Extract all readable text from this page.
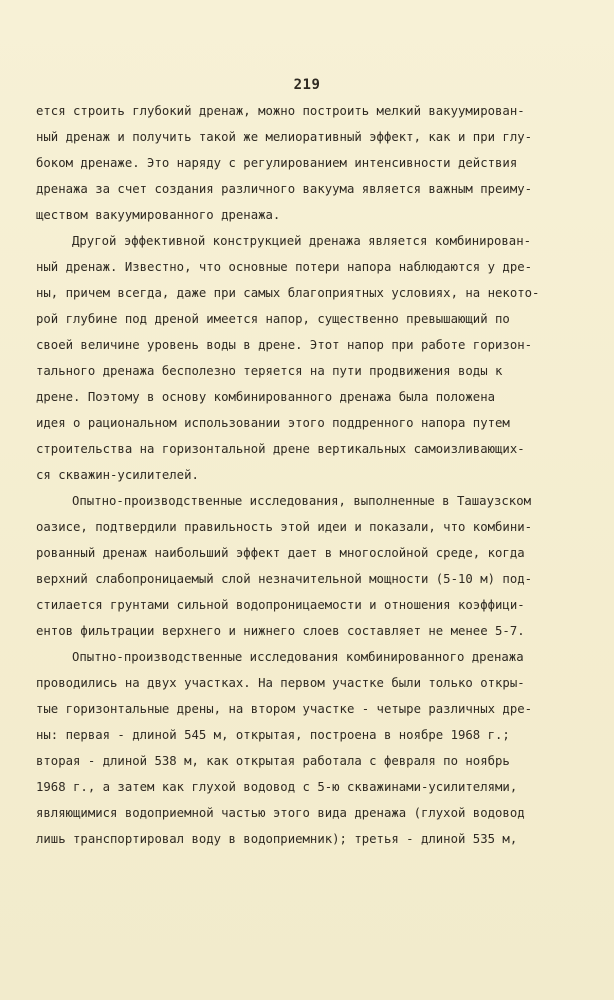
219
ется строить глубокий дренаж, можно построить мелкий вакуумирован-
ный дренаж и получить такой же мелиоративный эффект, как и при глу-
боком дренаже. Это наряду с регулированием интенсивности действия
дренажа за счет создания различного вакуума является важным преиму-
ществом вакуумированного дренажа.
Другой эффективной конструкцией дренажа является комбинирован-
ный дренаж. Известно, что основные потери напора наблюдаются у дре-
ны, причем всегда, даже при самых благоприятных условиях, на некото-
рой глубине под дреной имеется напор, существенно превышающий по
своей величине уровень воды в дрене. Этот напор при работе горизон-
тального дренажа бесполезно теряется на пути продвижения воды к
дрене. Поэтому в основу комбинированного дренажа была положена
идея о рациональном использовании этого поддренного напора путем
строительства на горизонтальной дрене вертикальных самоизливающих-
ся скважин-усилителей.
Опытно-производственные исследования, выполненные в Ташаузском
оазисе, подтвердили правильность этой идеи и показали, что комбини-
рованный дренаж наибольший эффект дает в многослойной среде, когда
верхний слабопроницаемый слой незначительной мощности (5-10 м) под-
стилается грунтами сильной водопроницаемости и отношения коэффици-
ентов фильтрации верхнего и нижнего слоев составляет не менее 5-7.
Опытно-производственные исследования комбинированного дренажа
проводились на двух участках. На первом участке были только откры-
тые горизонтальные дрены, на втором участке - четыре различных дре-
ны: первая - длиной 545 м, открытая, построена в ноябре 1968 г.;
вторая - длиной 538 м, как открытая работала с февраля по ноябрь
1968 г., а затем как глухой водовод с 5-ю скважинами-усилителями,
являющимися водоприемной частью этого вида дренажа (глухой водовод
лишь транспортировал воду в водоприемник); третья - длиной 535 м,
